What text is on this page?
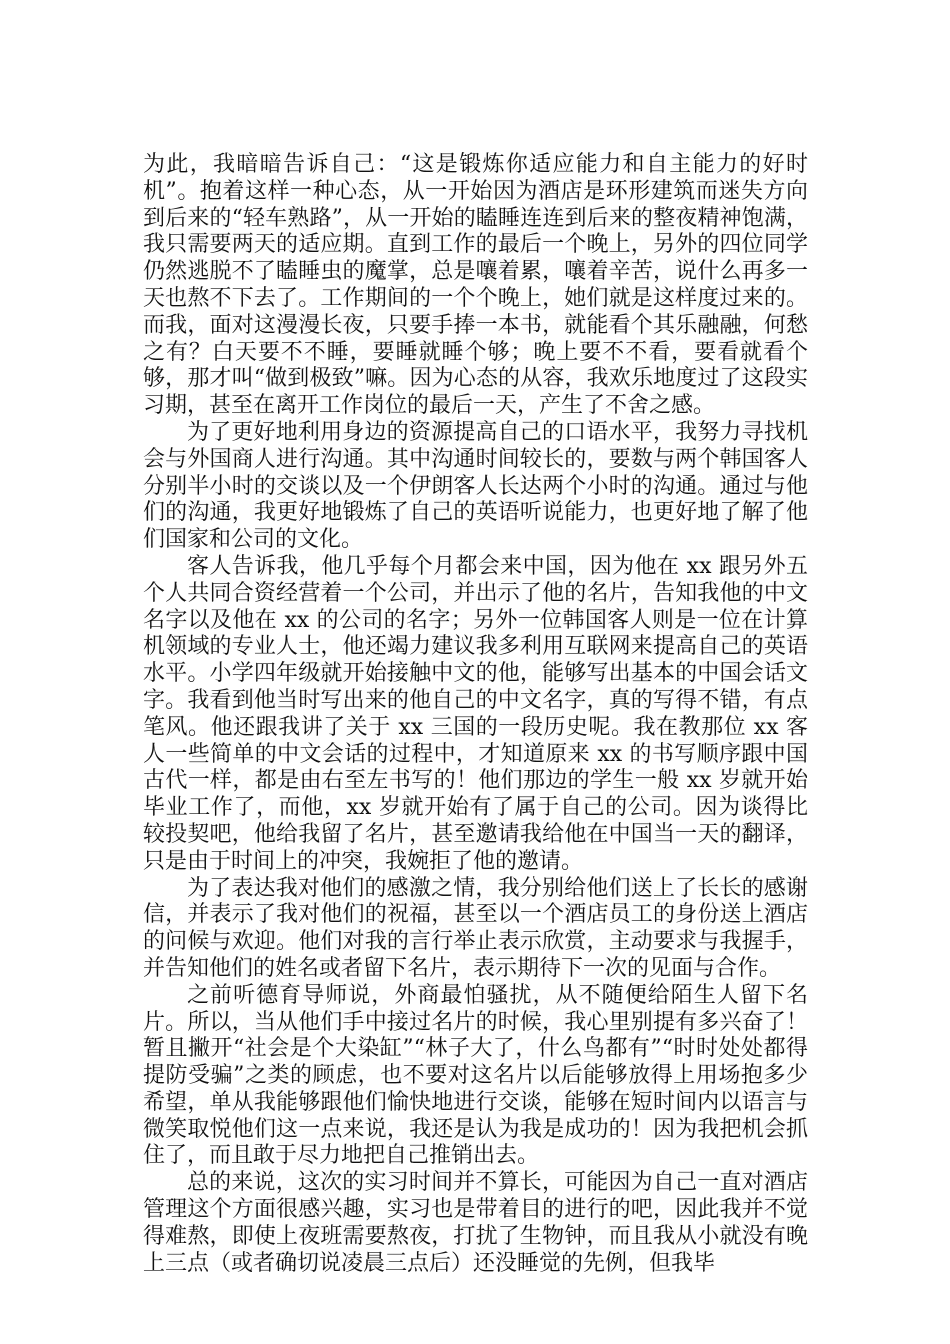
为此，我暗暗告诉自己：“这是锻炼你适应能力和自主能力的好时机”。抱着这样一种心态，从一开始因为酒店是环形建筑而迷失方向到后来的“轻车熟路”，从一开始的瞌睡连连到后来的整夜精神饱满，我只需要两天的适应期。直到工作的最后一个晚上，另外的四位同学仍然逃脱不了瞌睡虫的魔掌，总是嚷着累，嚷着辛苦，说什么再多一天也熬不下去了。工作期间的一个个晚上，她们就是这样度过来的。而我，面对这漫漫长夜，只要手捧一本书，就能看个其乐融融，何愁之有？白天要不不睡，要睡就睡个够；晚上要不不看，要看就看个够，那才叫“做到极致”嘛。因为心态的从容，我欢乐地度过了这段实习期，甚至在离开工作岗位的最后一天，产生了不舍之感。

为了更好地利用身边的资源提高自己的口语水平，我努力寻找机会与外国商人进行沟通。其中沟通时间较长的，要数与两个韩国客人分别半小时的交谈以及一个伊朗客人长达两个小时的沟通。通过与他们的沟通，我更好地锻炼了自己的英语听说能力，也更好地了解了他们国家和公司的文化。

客人告诉我，他几乎每个月都会来中国，因为他在 xx 跟另外五个人共同合资经营着一个公司，并出示了他的名片，告知我他的中文名字以及他在 xx 的公司的名字；另外一位韩国客人则是一位在计算机领域的专业人士，他还竭力建议我多利用互联网来提高自己的英语水平。小学四年级就开始接触中文的他，能够写出基本的中国会话文字。我看到他当时写出来的他自己的中文名字，真的写得不错，有点笔风。他还跟我讲了关于 xx 三国的一段历史呢。我在教那位 xx 客人一些简单的中文会话的过程中，才知道原来 xx 的书写顺序跟中国古代一样，都是由右至左书写的！他们那边的学生一般 xx 岁就开始毕业工作了，而他，xx 岁就开始有了属于自己的公司。因为谈得比较投契吧，他给我留了名片，甚至邀请我给他在中国当一天的翻译，只是由于时间上的冲突，我婉拒了他的邀请。

为了表达我对他们的感激之情，我分别给他们送上了长长的感谢信，并表示了我对他们的祝福，甚至以一个酒店员工的身份送上酒店的问候与欢迎。他们对我的言行举止表示欣赏，主动要求与我握手，并告知他们的姓名或者留下名片，表示期待下一次的见面与合作。

之前听德育导师说，外商最怕骚扰，从不随便给陌生人留下名片。所以，当从他们手中接过名片的时候，我心里别提有多兴奋了！暂且撇开“社会是个大染缸”“林子大了，什么鸟都有”“时时处处都得提防受骗”之类的顾虑，也不要对这名片以后能够放得上用场抱多少希望，单从我能够跟他们愉快地进行交谈，能够在短时间内以语言与微笑取悦他们这一点来说，我还是认为我是成功的！因为我把机会抓住了，而且敢于尽力地把自己推销出去。

总的来说，这次的实习时间并不算长，可能因为自己一直对酒店管理这个方面很感兴趣，实习也是带着目的进行的吧，因此我并不觉得难熬，即使上夜班需要熬夜，打扰了生物钟，而且我从小就没有晚上三点（或者确切说凌晨三点后）还没睡觉的先例，但我毕
